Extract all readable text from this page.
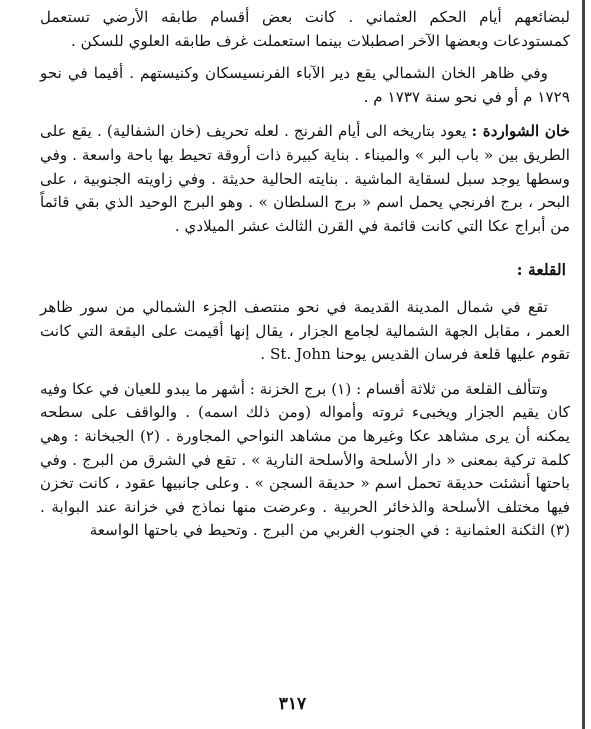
لبضائعهم أيام الحكم العثماني . كانت بعض أقسام طابقه الأرضي تستعمل كمستودعات وبعضها الآخر اصطبلات بينما استعملت غرف طابقه العلوي للسكن .

وفي ظاهر الخان الشمالي يقع دير الآباء الفرنسيسكان وكنيستهم . أقيما في نحو ١٧٢٩ م أو في نحو سنة ١٧٣٧ م .

خان الشواردة : يعود بتاريخه الى أيام الفرنج . لعله تحريف (خان الشفالية) . يقع على الطريق بين « باب البر » والميناء . بناية كبيرة ذات أروقة تحيط بها باحة واسعة . وفي وسطها يوجد سبل لسقاية الماشية . بنايته الحالية حديثة . وفي زاويته الجنوبية ، على البحر ، برج افرنجي يحمل اسم « برج السلطان » . وهو البرج الوحيد الذي بقي قائماً من أبراج عكا التي كانت قائمة في القرن الثالث عشر الميلادي .

القلعة :

تقع في شمال المدينة القديمة في نحو منتصف الجزء الشمالي من سور ظاهر العمر ، مقابل الجهة الشمالية لجامع الجزار ، يقال إنها أقيمت على البقعة التي كانت تقوم عليها قلعة فرسان القديس يوحنا St. John .

وتتألف القلعة من ثلاثة أقسام : (١) برج الخزنة : أشهر ما يبدو للعيان في عكا وفيه كان يقيم الجزار ويخبىء ثروته وأمواله (ومن ذلك اسمه) . والواقف على سطحه يمكنه أن يرى مشاهد عكا وغيرها من مشاهد النواحي المجاورة . (٢) الجبخانة : وهي كلمة تركية بمعنى « دار الأسلحة والأسلحة النارية » . تقع في الشرق من البرج . وفي باحتها أنشئت حديقة تحمل اسم « حديقة السجن » . وعلى جانبيها عقود ، كانت تخزن فيها مختلف الأسلحة والذخائر الحربية . وعرضت منها نماذج في خزانة عند البوابة . (٣) الثكنة العثمانية : في الجنوب الغربي من البرج . وتحيط في باحتها الواسعة

٣١٧
